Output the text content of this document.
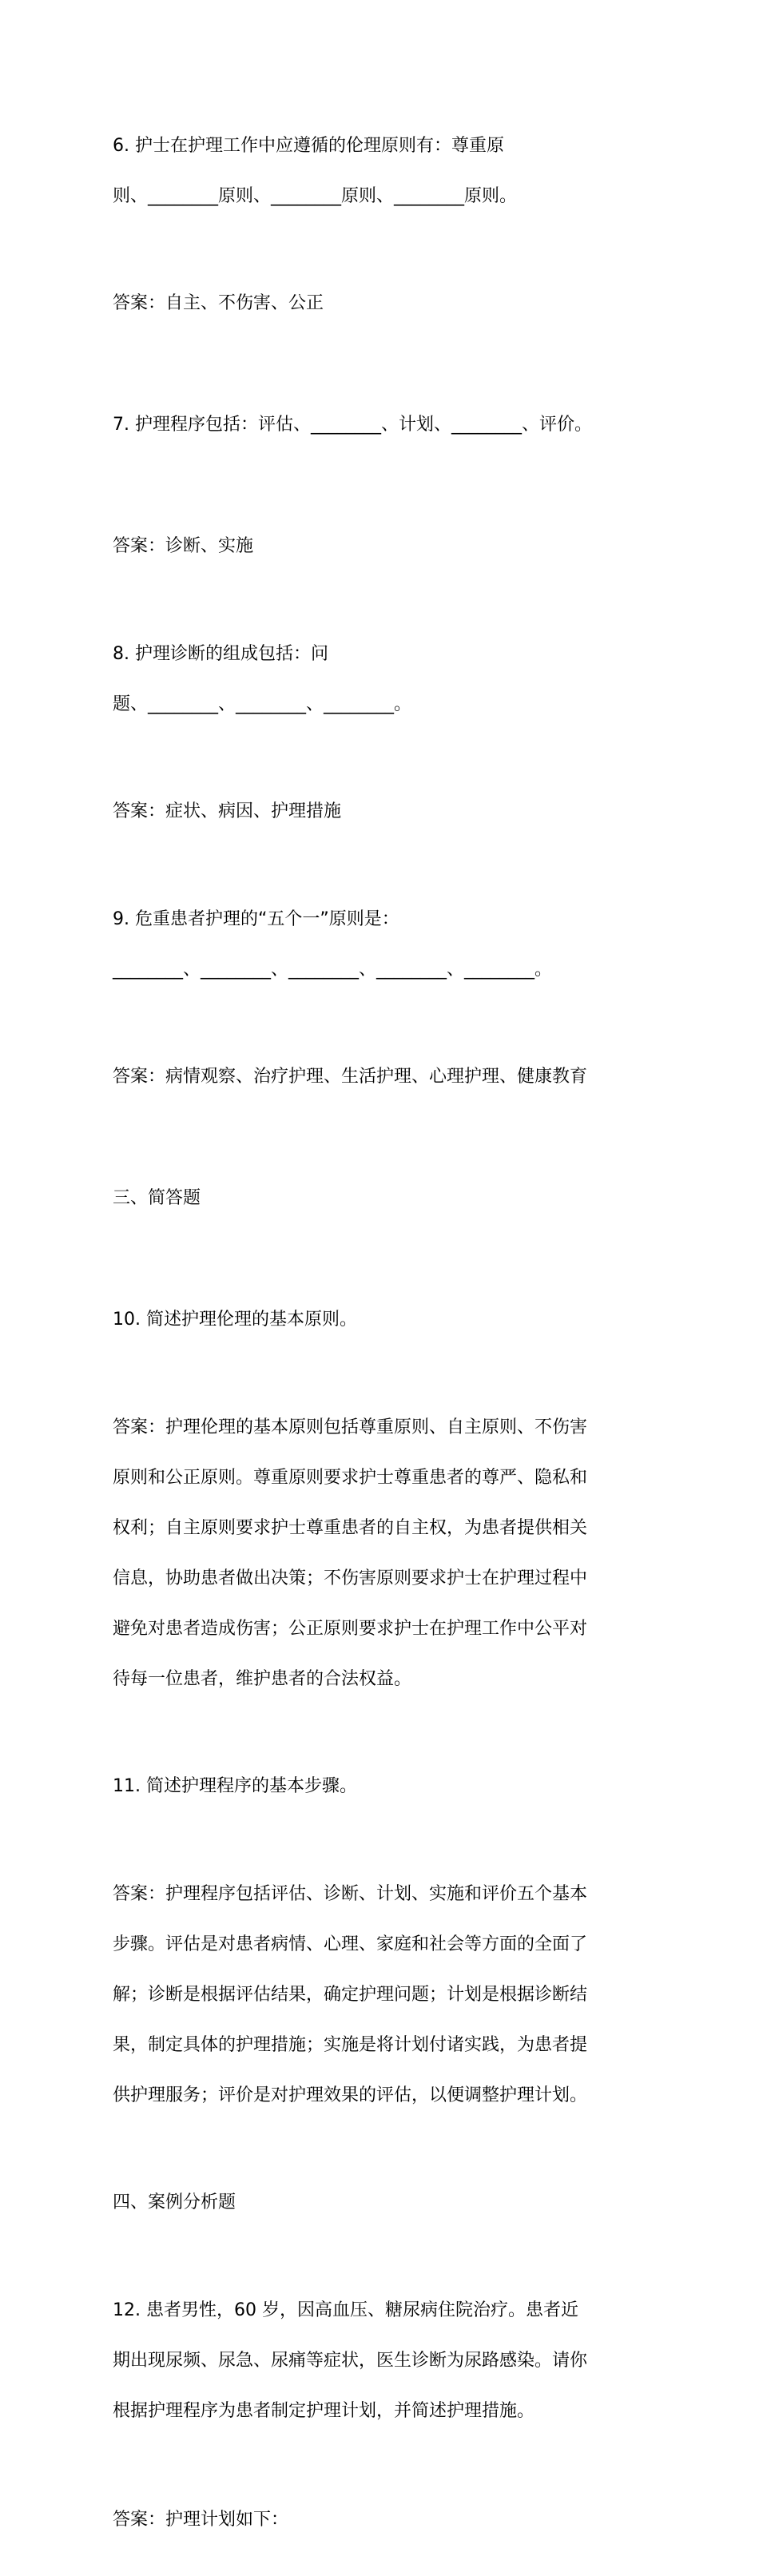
6. 护士在护理工作中应遵循的伦理原则有：尊重原

则、________原则、________原则、________原则。

答案：自主、不伤害、公正

7. 护理程序包括：评估、________、计划、________、评价。

答案：诊断、实施

8. 护理诊断的组成包括：问

题、________、________、________。

答案：症状、病因、护理措施

9. 危重患者护理的“五个一”原则是：

________、________、________、________、________。

答案：病情观察、治疗护理、生活护理、心理护理、健康教育

三、简答题

10. 简述护理伦理的基本原则。

答案：护理伦理的基本原则包括尊重原则、自主原则、不伤害

原则和公正原则。尊重原则要求护士尊重患者的尊严、隐私和

权利；自主原则要求护士尊重患者的自主权，为患者提供相关

信息，协助患者做出决策；不伤害原则要求护士在护理过程中

避免对患者造成伤害；公正原则要求护士在护理工作中公平对

待每一位患者，维护患者的合法权益。

11. 简述护理程序的基本步骤。

答案：护理程序包括评估、诊断、计划、实施和评价五个基本

步骤。评估是对患者病情、心理、家庭和社会等方面的全面了

解；诊断是根据评估结果，确定护理问题；计划是根据诊断结

果，制定具体的护理措施；实施是将计划付诸实践，为患者提

供护理服务；评价是对护理效果的评估，以便调整护理计划。

四、案例分析题

12. 患者男性，60 岁，因高血压、糖尿病住院治疗。患者近

期出现尿频、尿急、尿痛等症状，医生诊断为尿路感染。请你

根据护理程序为患者制定护理计划，并简述护理措施。

答案：护理计划如下：
